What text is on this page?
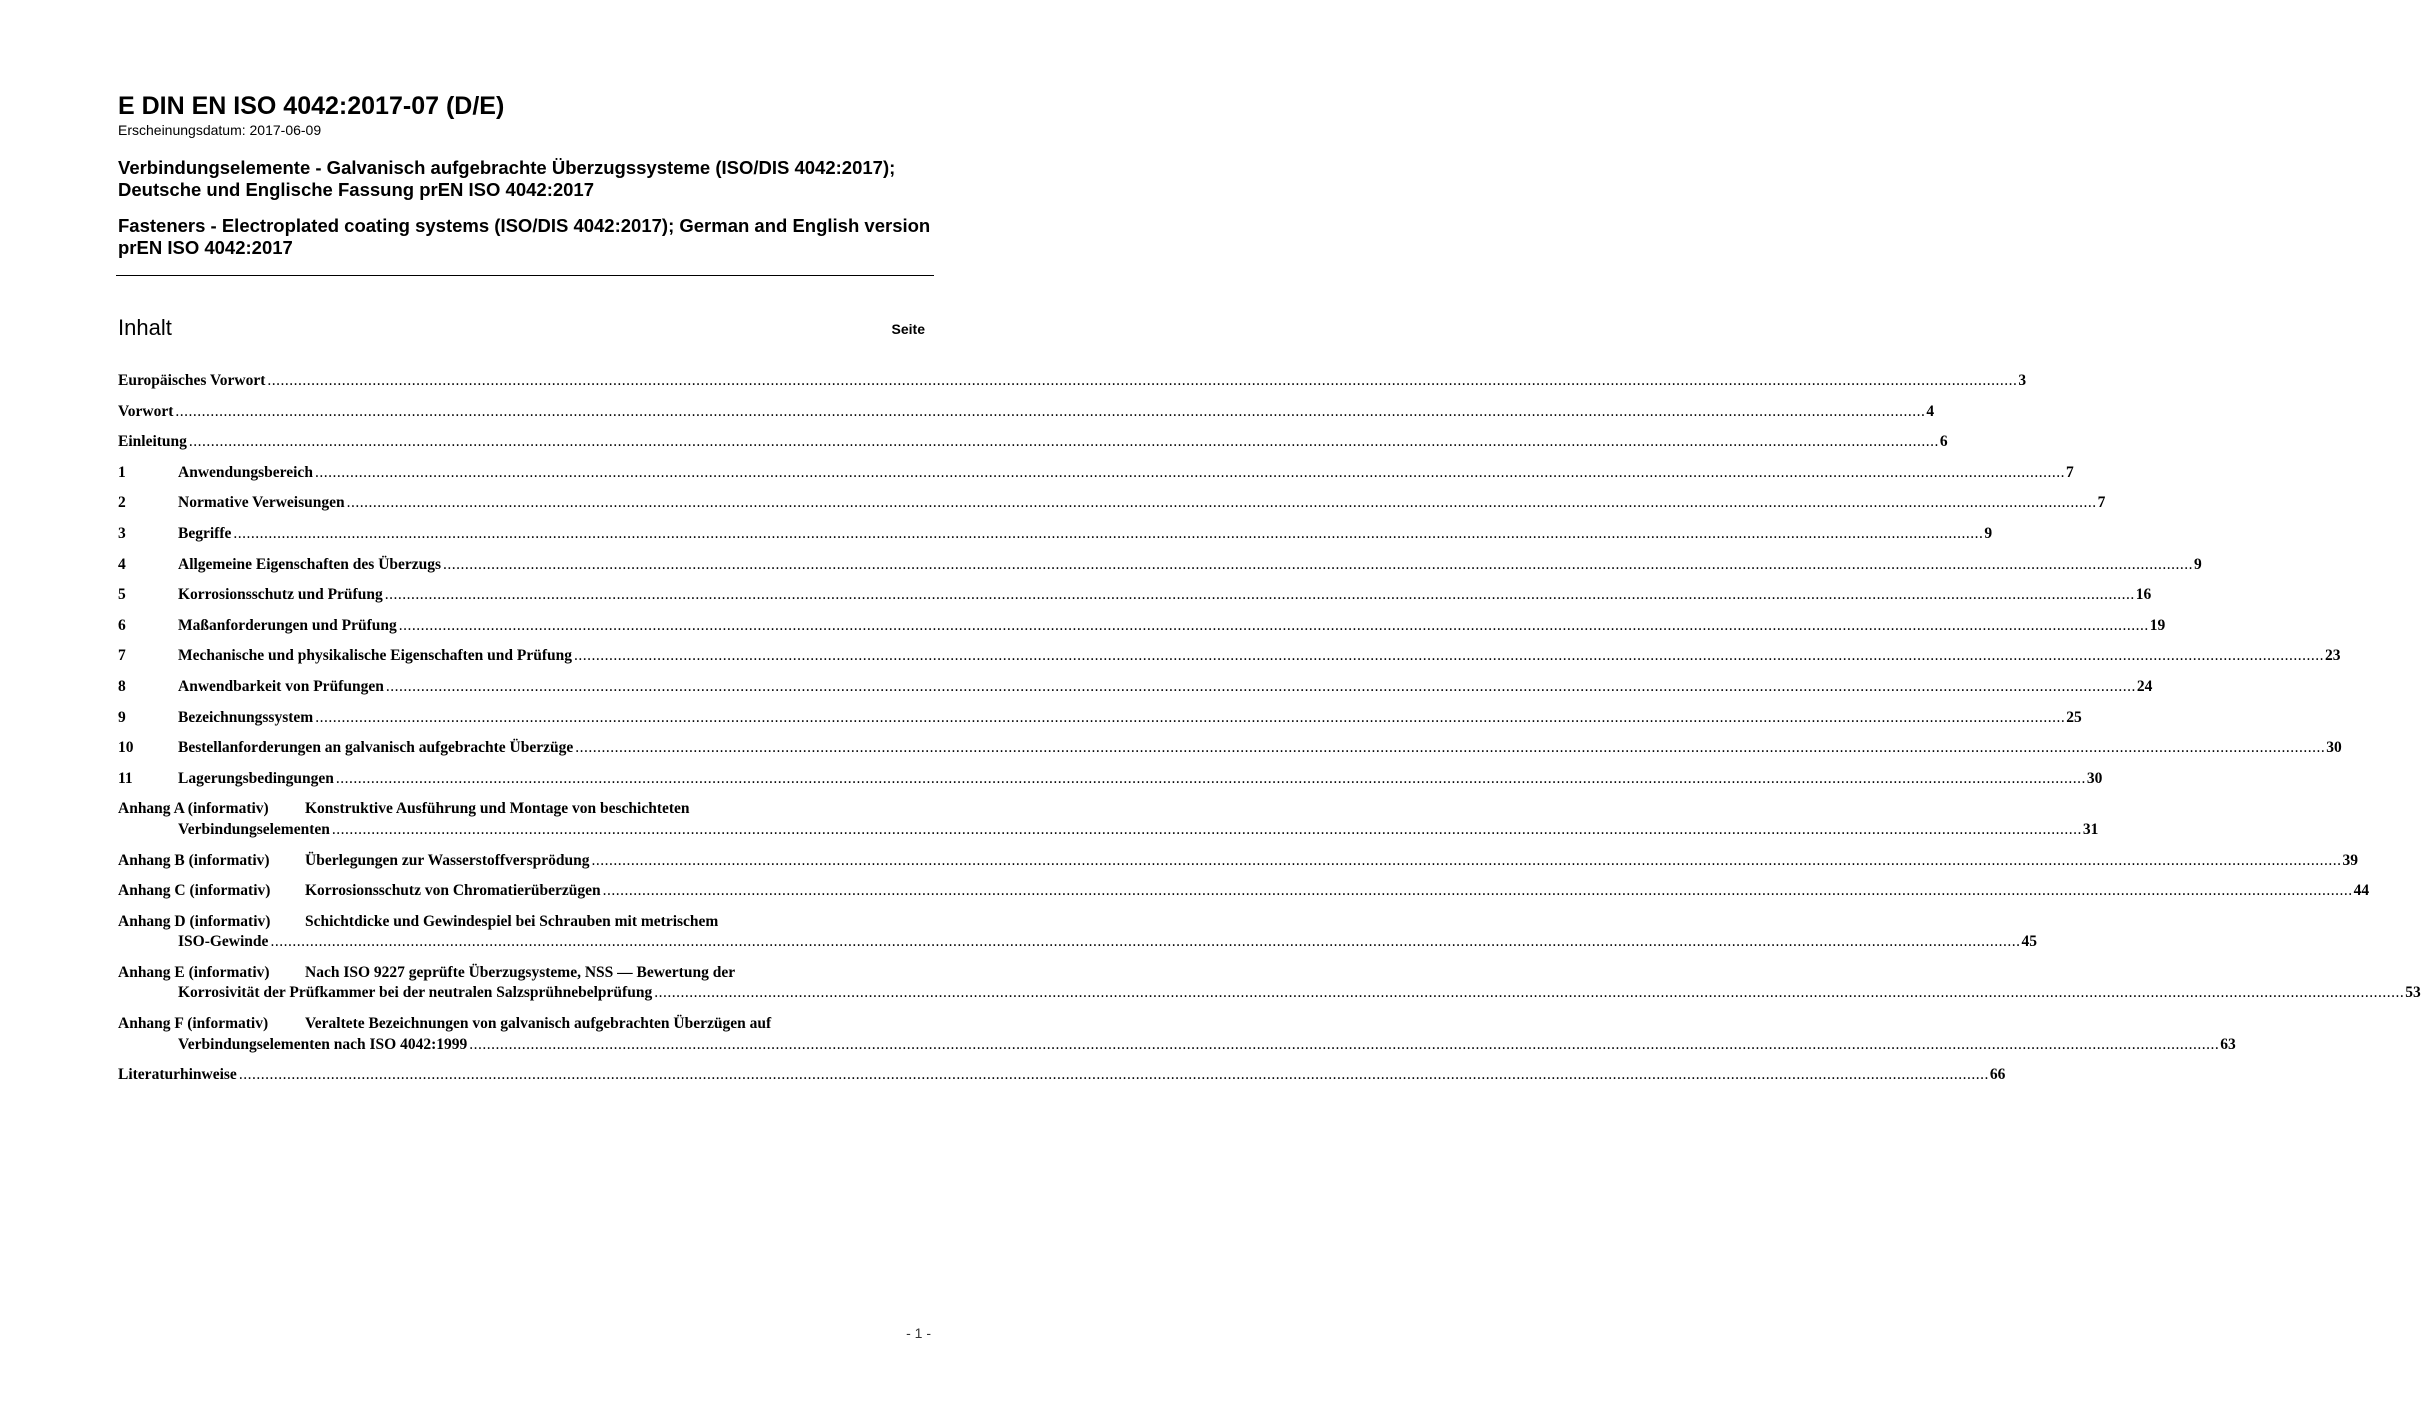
E DIN EN ISO 4042:2017-07 (D/E)

Erscheinungsdatum: 2017-06-09

Verbindungselemente - Galvanisch aufgebrachte Überzugssysteme (ISO/DIS 4042:2017); Deutsche und Englische Fassung prEN ISO 4042:2017

Fasteners - Electroplated coating systems (ISO/DIS 4042:2017); German and English version prEN ISO 4042:2017

Inhalt	Seite
Europäisches Vorwort ................................................................................................................................................................................................................................................................................................................................................................................................................ 3
Vorwort ................................................................................................................................................................................................................................................................................................................................................................................................................ 4
Einleitung ................................................................................................................................................................................................................................................................................................................................................................................................................ 6
1	Anwendungsbereich ................................................................................................................................................................................................................................................................................................................................................................................................................ 7
2	Normative Verweisungen ................................................................................................................................................................................................................................................................................................................................................................................................................ 7
3	Begriffe ................................................................................................................................................................................................................................................................................................................................................................................................................ 9
4	Allgemeine Eigenschaften des Überzugs ................................................................................................................................................................................................................................................................................................................................................................................................................ 9
5	Korrosionsschutz und Prüfung ................................................................................................................................................................................................................................................................................................................................................................................................................ 16
6	Maßanforderungen und Prüfung ................................................................................................................................................................................................................................................................................................................................................................................................................ 19
7	Mechanische und physikalische Eigenschaften und Prüfung ................................................................................................................................................................................................................................................................................................................................................................................................................ 23
8	Anwendbarkeit von Prüfungen ................................................................................................................................................................................................................................................................................................................................................................................................................ 24
9	Bezeichnungssystem ................................................................................................................................................................................................................................................................................................................................................................................................................ 25
10	Bestellanforderungen an galvanisch aufgebrachte Überzüge ................................................................................................................................................................................................................................................................................................................................................................................................................ 30
11	Lagerungsbedingungen ................................................................................................................................................................................................................................................................................................................................................................................................................ 30
Anhang A (informativ) Konstruktive Ausführung und Montage von beschichteten
Verbindungselementen ................................................................................................................................................................................................................................................................................................................................................................................................................ 31
Anhang B (informativ)	Überlegungen zur Wasserstoffversprödung ................................................................................................................................................................................................................................................................................................................................................................................................................ 39
Anhang C (informativ)	Korrosionsschutz von Chromatierüberzügen ................................................................................................................................................................................................................................................................................................................................................................................................................ 44
Anhang D (informativ) Schichtdicke und Gewindespiel bei Schrauben mit metrischem
ISO-Gewinde ................................................................................................................................................................................................................................................................................................................................................................................................................ 45
Anhang E (informativ) Nach ISO 9227 geprüfte Überzugsysteme, NSS — Bewertung der
Korrosivität der Prüfkammer bei der neutralen Salzsprühnebelprüfung ................................................................................................................................................................................................................................................................................................................................................................................................................ 53
Anhang F (informativ) Veraltete Bezeichnungen von galvanisch aufgebrachten Überzügen auf
Verbindungselementen nach ISO 4042:1999 ................................................................................................................................................................................................................................................................................................................................................................................................................ 63
Literaturhinweise ................................................................................................................................................................................................................................................................................................................................................................................................................ 66
- 1 -
